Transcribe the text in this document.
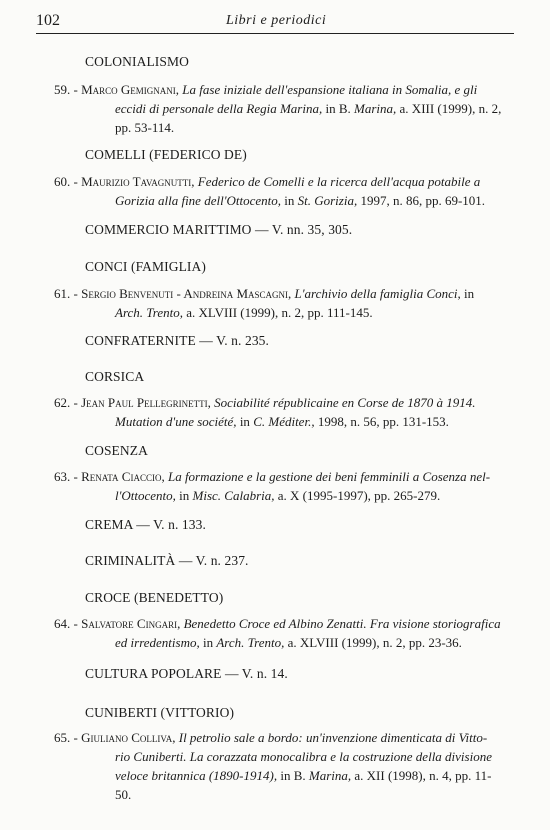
102	Libri e periodici
COLONIALISMO
59. - Marco Gemignani, La fase iniziale dell'espansione italiana in Somalia, e gli
eccidi di personale della Regia Marina, in B. Marina, a. XIII (1999), n. 2,
pp. 53-114.
COMELLI (FEDERICO DE)
60. - Maurizio Tavagnutti, Federico de Comelli e la ricerca dell'acqua potabile a
Gorizia alla fine dell'Ottocento, in St. Gorizia, 1997, n. 86, pp. 69-101.
COMMERCIO MARITTIMO — V. nn. 35, 305.
CONCI (FAMIGLIA)
61. - Sergio Benvenuti - Andreina Mascagni, L'archivio della famiglia Conci, in
Arch. Trento, a. XLVIII (1999), n. 2, pp. 111-145.
CONFRATERNITE — V. n. 235.
CORSICA
62. - Jean Paul Pellegrinetti, Sociabilité républicaine en Corse de 1870 à 1914.
Mutation d'une société, in C. Méditer., 1998, n. 56, pp. 131-153.
COSENZA
63. - Renata Ciaccio, La formazione e la gestione dei beni femminili a Cosenza nel-
l'Ottocento, in Misc. Calabria, a. X (1995-1997), pp. 265-279.
CREMA — V. n. 133.
CRIMINALITÀ — V. n. 237.
CROCE (BENEDETTO)
64. - Salvatore Cingari, Benedetto Croce ed Albino Zenatti. Fra visione storiografica
ed irredentismo, in Arch. Trento, a. XLVIII (1999), n. 2, pp. 23-36.
CULTURA POPOLARE — V. n. 14.
CUNIBERTI (VITTORIO)
65. - Giuliano Colliva, Il petrolio sale a bordo: un'invenzione dimenticata di Vitto-
rio Cuniberti. La corazzata monocalibra e la costruzione della divisione
veloce britannica (1890-1914), in B. Marina, a. XII (1998), n. 4, pp. 11-
50.
